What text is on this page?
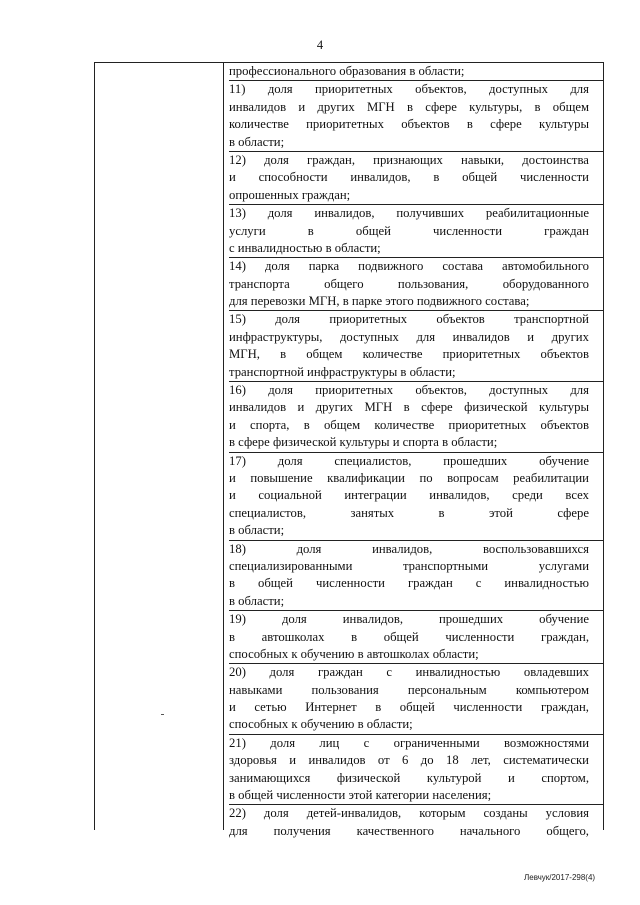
4
профессионального образования в области;
11) доля приоритетных объектов, доступных для
инвалидов и других МГН в сфере культуры, в общем
количестве приоритетных объектов в сфере культуры
в области;
12) доля граждан, признающих навыки, достоинства
и способности инвалидов, в общей численности
опрошенных граждан;
13) доля инвалидов, получивших реабилитационные
услуги	в	общей	численности	граждан
с инвалидностью в области;
14) доля парка подвижного состава автомобильного
транспорта	общего	пользования,	оборудованного
для перевозки МГН, в парке этого подвижного состава;
15) доля приоритетных объектов транспортной
инфраструктуры, доступных для инвалидов и других
МГН, в общем количестве приоритетных объектов
транспортной инфраструктуры в области;
16) доля приоритетных объектов, доступных для
инвалидов и других МГН в сфере физической культуры
и спорта, в общем количестве приоритетных объектов
в сфере физической культуры и спорта в области;
17)	доля	специалистов,	прошедших	обучение
и повышение квалификации по вопросам реабилитации
и социальной интеграции инвалидов, среди всех
специалистов,	занятых	в	этой	сфере
в области;
18)	доля	инвалидов,	воспользовавшихся
специализированными	транспортными	услугами
в общей численности граждан с инвалидностью
в области;
19)	доля	инвалидов,	прошедших	обучение
в автошколах в общей численности граждан,
способных к обучению в автошколах области;
20) доля граждан с инвалидностью овладевших
навыками пользования персональным компьютером
и сетью Интернет в общей численности граждан,
способных к обучению в области;
21) доля лиц с ограниченными возможностями
здоровья и инвалидов от 6 до 18 лет, систематически
занимающихся физической культурой и спортом,
в общей численности этой категории населения;
22) доля детей-инвалидов, которым созданы условия
для получения качественного начального общего,
Левчук/2017-298(4)
